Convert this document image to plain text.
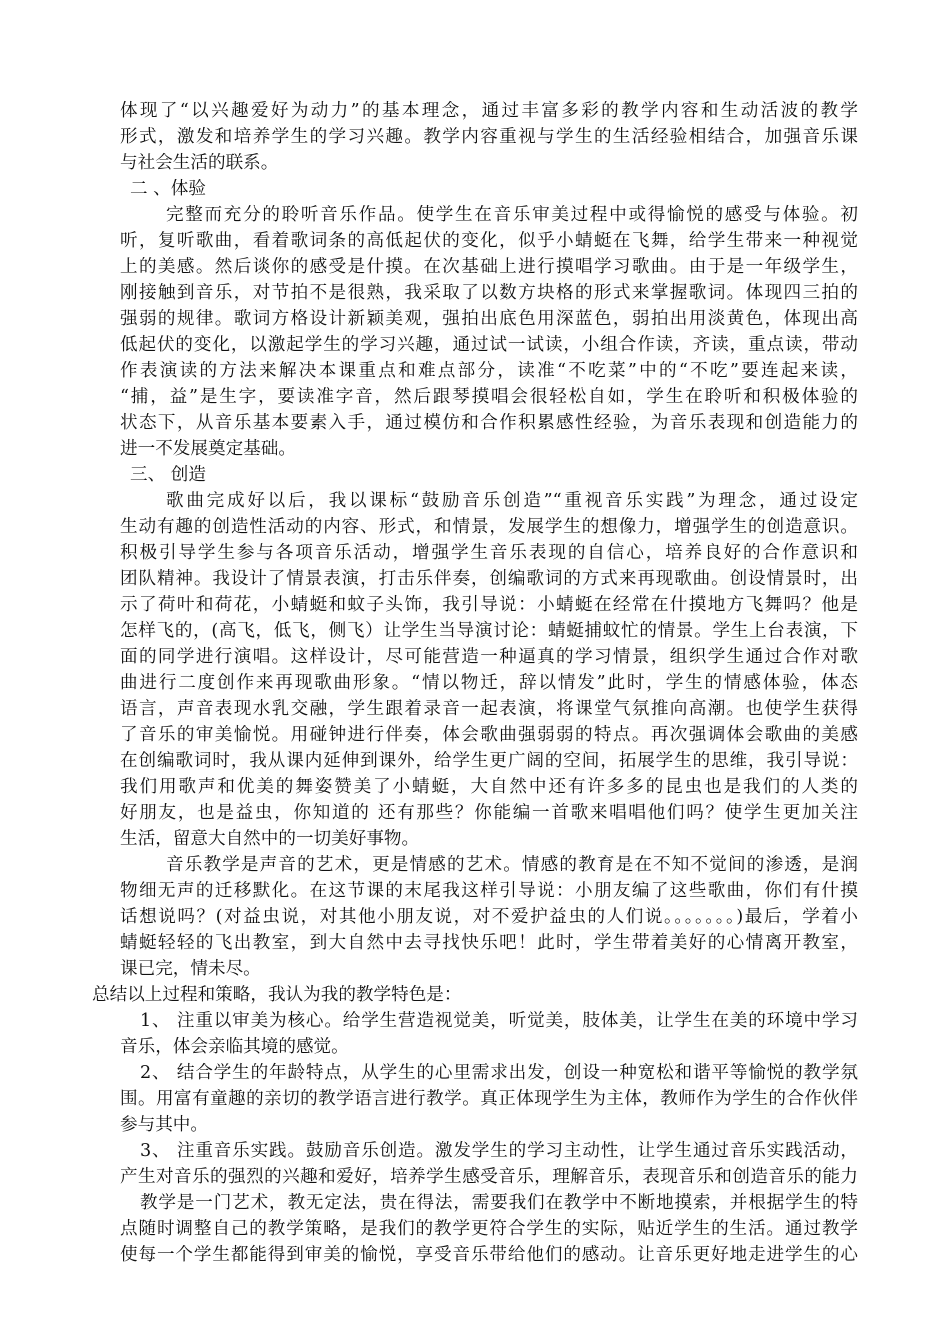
体现了“以兴趣爱好为动力”的基本理念，通过丰富多彩的教学内容和生动活波的教学
形式，激发和培养学生的学习兴趣。教学内容重视与学生的生活经验相结合，加强音乐课
与社会生活的联系。
二 、体验
完整而充分的聆听音乐作品。使学生在音乐审美过程中或得愉悦的感受与体验。初
听，复听歌曲，看着歌词条的高低起伏的变化，似乎小蜻蜓在飞舞，给学生带来一种视觉
上的美感。然后谈你的感受是什摸。在次基础上进行摸唱学习歌曲。由于是一年级学生，
刚接触到音乐，对节拍不是很熟，我采取了以数方块格的形式来掌握歌词。体现四三拍的
强弱的规律。歌词方格设计新颖美观，强拍出底色用深蓝色，弱拍出用淡黄色，体现出高
低起伏的变化，以激起学生的学习兴趣，通过试一试读，小组合作读，齐读，重点读，带动
作表演读的方法来解决本课重点和难点部分，读准“不吃菜”中的“不吃”要连起来读，
“捕，益”是生字，要读准字音，然后跟琴摸唱会很轻松自如，学生在聆听和积极体验的
状态下，从音乐基本要素入手，通过模仿和合作积累感性经验，为音乐表现和创造能力的
进一不发展奠定基础。
三、 创造
歌曲完成好以后，我以课标“鼓励音乐创造”“重视音乐实践”为理念，通过设定
生动有趣的创造性活动的内容、形式，和情景，发展学生的想像力，增强学生的创造意识。
积极引导学生参与各项音乐活动，增强学生音乐表现的自信心，培养良好的合作意识和
团队精神。我设计了情景表演，打击乐伴奏，创编歌词的方式来再现歌曲。创设情景时，出
示了荷叶和荷花，小蜻蜓和蚊子头饰，我引导说：小蜻蜓在经常在什摸地方飞舞吗？他是
怎样飞的，(高飞，低飞，侧飞）让学生当导演讨论：蜻蜓捕蚊忙的情景。学生上台表演，下
面的同学进行演唱。这样设计，尽可能营造一种逼真的学习情景，组织学生通过合作对歌
曲进行二度创作来再现歌曲形象。“情以物迁，辞以情发”此时，学生的情感体验，体态
语言，声音表现水乳交融，学生跟着录音一起表演，将课堂气氛推向高潮。也使学生获得
了音乐的审美愉悦。用碰钟进行伴奏，体会歌曲强弱弱的特点。再次强调体会歌曲的美感
在创编歌词时，我从课内延伸到课外，给学生更广阔的空间，拓展学生的思维，我引导说：
我们用歌声和优美的舞姿赞美了小蜻蜓，大自然中还有许多多的昆虫也是我们的人类的
好朋友，也是益虫，你知道的 还有那些？你能编一首歌来唱唱他们吗？使学生更加关注
生活，留意大自然中的一切美好事物。
音乐教学是声音的艺术，更是情感的艺术。情感的教育是在不知不觉间的渗透，是润
物细无声的迁移默化。在这节课的末尾我这样引导说：小朋友编了这些歌曲，你们有什摸
话想说吗？(对益虫说，对其他小朋友说，对不爱护益虫的人们说。。。。。。。)最后，学着小
蜻蜓轻轻的飞出教室，到大自然中去寻找快乐吧！此时，学生带着美好的心情离开教室，
课已完，情未尽。
总结以上过程和策略，我认为我的教学特色是：
1、 注重以审美为核心。给学生营造视觉美，听觉美，肢体美，让学生在美的环境中学习
音乐，体会亲临其境的感觉。
2、 结合学生的年龄特点，从学生的心里需求出发，创设一种宽松和谐平等愉悦的教学氛
围。用富有童趣的亲切的教学语言进行教学。真正体现学生为主体，教师作为学生的合作伙伴
参与其中。
3、 注重音乐实践。鼓励音乐创造。激发学生的学习主动性，让学生通过音乐实践活动，
产生对音乐的强烈的兴趣和爱好，培养学生感受音乐，理解音乐，表现音乐和创造音乐的能力
教学是一门艺术，教无定法，贵在得法，需要我们在教学中不断地摸索，并根据学生的特
点随时调整自己的教学策略，是我们的教学更符合学生的实际，贴近学生的生活。通过教学
使每一个学生都能得到审美的愉悦，享受音乐带给他们的感动。让音乐更好地走进学生的心
